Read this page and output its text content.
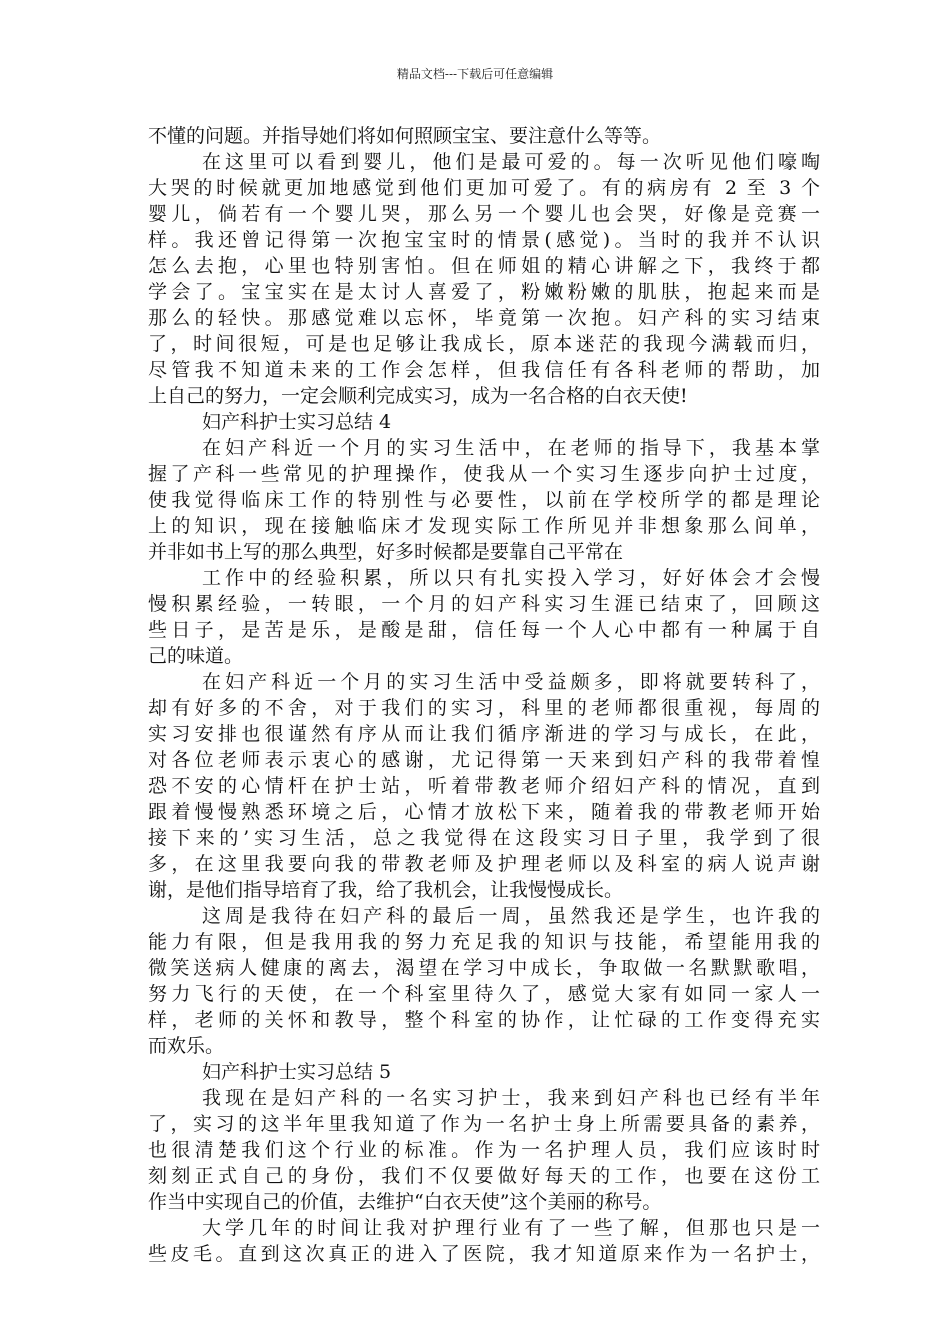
精品文档---下载后可任意编辑
不懂的问题。并指导她们将如何照顾宝宝、要注意什么等等。
在这里可以看到婴儿，他们是最可爱的。每一次听见他们嚎啕
大哭的时候就更加地感觉到他们更加可爱了。有的病房有 2 至 3 个
婴儿，倘若有一个婴儿哭，那么另一个婴儿也会哭，好像是竞赛一
样。我还曾记得第一次抱宝宝时的情景(感觉)。当时的我并不认识
怎么去抱，心里也特别害怕。但在师姐的精心讲解之下，我终于都
学会了。宝宝实在是太讨人喜爱了，粉嫩粉嫩的肌肤，抱起来而是
那么的轻快。那感觉难以忘怀，毕竟第一次抱。妇产科的实习结束
了，时间很短，可是也足够让我成长，原本迷茫的我现今满载而归，
尽管我不知道未来的工作会怎样，但我信任有各科老师的帮助，加
上自己的努力，一定会顺利完成实习，成为一名合格的白衣天使!
妇产科护士实习总结 4
在妇产科近一个月的实习生活中，在老师的指导下，我基本掌
握了产科一些常见的护理操作，使我从一个实习生逐步向护士过度，
使我觉得临床工作的特别性与必要性，以前在学校所学的都是理论
上的知识，现在接触临床才发现实际工作所见并非想象那么间单，
并非如书上写的那么典型，好多时候都是要靠自己平常在
工作中的经验积累，所以只有扎实投入学习，好好体会才会慢
慢积累经验，一转眼，一个月的妇产科实习生涯已结束了，回顾这
些日子，是苦是乐，是酸是甜，信任每一个人心中都有一种属于自
己的味道。
在妇产科近一个月的实习生活中受益颇多，即将就要转科了，
却有好多的不舍，对于我们的实习，科里的老师都很重视，每周的
实习安排也很谨然有序从而让我们循序渐进的学习与成长，在此，
对各位老师表示衷心的感谢，尤记得第一天来到妇产科的我带着惶
恐不安的心情杆在护士站，听着带教老师介绍妇产科的情况，直到
跟着慢慢熟悉环境之后，心情才放松下来，随着我的带教老师开始
接下来的’实习生活，总之我觉得在这段实习日子里，我学到了很
多，在这里我要向我的带教老师及护理老师以及科室的病人说声谢
谢，是他们指导培育了我，给了我机会，让我慢慢成长。
这周是我待在妇产科的最后一周，虽然我还是学生，也许我的
能力有限，但是我用我的努力充足我的知识与技能，希望能用我的
微笑送病人健康的离去，渴望在学习中成长，争取做一名默默歌唱，
努力飞行的天使，在一个科室里待久了，感觉大家有如同一家人一
样，老师的关怀和教导，整个科室的协作，让忙碌的工作变得充实
而欢乐。
妇产科护士实习总结 5
我现在是妇产科的一名实习护士，我来到妇产科也已经有半年
了，实习的这半年里我知道了作为一名护士身上所需要具备的素养，
也很清楚我们这个行业的标准。作为一名护理人员，我们应该时时
刻刻正式自己的身份，我们不仅要做好每天的工作，也要在这份工
作当中实现自己的价值，去维护“白衣天使”这个美丽的称号。
大学几年的时间让我对护理行业有了一些了解，但那也只是一
些皮毛。直到这次真正的进入了医院，我才知道原来作为一名护士，
